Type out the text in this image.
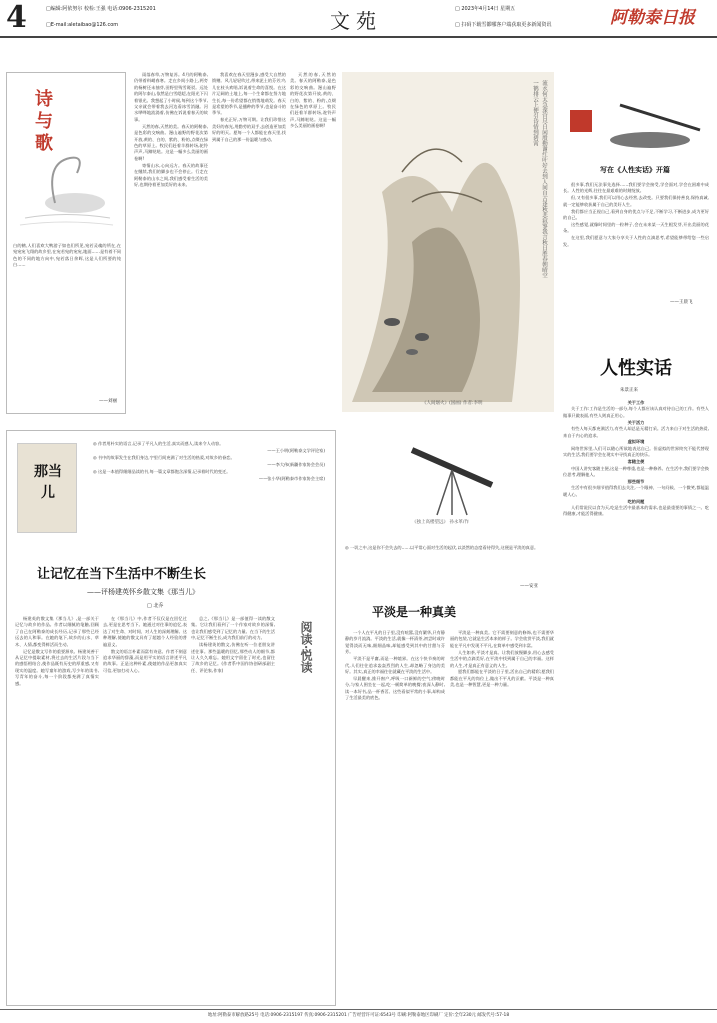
4	□编辑:阿依努尔 校检:王强 电话:0906-2315201
□E-mail:aletaibao@126.com	文苑	□ 2023年4月14日 星期五
□ 扫码下载雪都哪客户端获取更多新闻资讯	阿勒泰日报
诗与歌
白的鹤,人们喜欢大鸭游子如也们所见,宛若灵魂的所在,在宛宛宛飞翔的故乡里,在宛若宛的宛宛,地面……是有着不同色的不同的地方向中,宛若落日余晖,这是人们所要的纯白……
——刘丽

雨落春草,万物复苏。4月的阿勒泰,仍带着料峭春寒。走在乡间小路上,两旁的杨树还未抽芽,田野里残雪斑驳。远处的阿尔泰山,依然是白雪皑皑,在阳光下闪着银光。我想起了小时候,每到这个季节,父亲就会带着我去河边看冰雪消融。河水哗哗地流淌着,仿佛在诉说着春天的故事。

天然的春,天然的美。春天的阿勒泰,是色彩的交响曲。漫山遍野的野花次第开放,黄的、白的、紫的、粉的,点缀在绿色的草原上。牧民们赶着羊群转场,驼铃声声,马蹄哒哒。这是一幅多么美丽的画卷啊!

寄情山水,心向远方。春天的故事还在继续,我们的脚步也不会停止。行走在阿勒泰的山水之间,我们感受着生活的美好,也期待着更加美好的未来。

我喜欢在春天里漫步,感受大自然的馈赠。风儿轻轻吹过,带来泥土的芬芳;鸟儿在枝头欢唱,诉说着生命的喜悦。在这片辽阔的土地上,每一个生命都在努力地生长,每一份希望都在悄悄地萌发。春天是希望的季节,是播种的季节,也是奋斗的季节。

春光正好,万物可期。让我们珍惜这美好的春光,用勤劳的双手,去创造更加美好的明天。愿每一个人都能在春天里,找到属于自己的那一份温暖与感动。

天然的春,天然的美。春天的阿勒泰,是色彩的交响曲。漫山遍野的野花次第开放,黄的、白的、紫的、粉的,点缀在绿色的草原上。牧民们赶着羊群转场,驼铃声声,马蹄哒哒。这是一幅多么美丽的画卷啊!	流水何太急深宫尽日闲殷勤谢红叶好去到人间自古逢秋悲寂寥我言秋日胜春朝晴空一鹤排云上便引诗情到碧霄
《人间烟火》(国画) 作者:李明
那当儿

◎ 作者用朴实的语言,记录了平凡人的生活,真实而感人,读来令人动容。

——王小明(阿勒泰文学评论家)

◎ 书中的故事发生在我们身边,字里行间充满了对生活的热爱,对故乡的眷恋。

——李大伟(新疆作家协会会员)

◎ 这是一本值得细细品读的书,每一篇文章都饱含深情,记录着时代的变迁。

——张小华(阿勒泰市作家协会主席)

让记忆在当下生活中不断生长
——评杨建英怀乡散文集《那当儿》
□ 北乔
阅读·悦读

杨建英的散文集《那当儿》,是一部关于记忆与故乡的作品。作者以细腻的笔触,回顾了自己在阿勒泰的成长经历,记录了那些已经远去的人和事。在她的笔下,故乡的山水、草木、人情,都变得鲜活而生动。

记忆是散文写作的重要源泉。杨建英善于从记忆中提取素材,将过去的生活片段与当下的感悟相结合,使作品既有历史的厚重感,又有现实的温度。她写童年的游戏,写少年的读书,写青年的奋斗,每一个阶段都充满了真情实感。

在《那当儿》中,作者不仅仅是在回忆过去,更是在思考当下。她通过对往事的追忆,表达了对生命、对时间、对人生的深刻理解。这种理解,使她的散文具有了超越个人经验的普遍意义。

散文的语言朴素而富有诗意。作者不刻意追求华丽的辞藻,而是用平实的语言讲述平凡的故事。正是这种朴素,使她的作品更加真实可信,更加打动人心。

总之,《那当儿》是一部值得一读的散文集。它让我们看到了一个作家对故乡的深情,也让我们感受到了记忆的力量。在当下的生活中,记忆不断生长,成为我们前行的动力。

读杨建英的散文,仿佛在听一位老朋友讲述往事。那些温暖的回忆,那些动人的细节,都让人久久难忘。她用文字留住了时光,也留住了故乡的记忆。(作者系中国作协创研部副主任、评论家,作家)

《独上高楼望远》 孙永革/作
◎ 一切之中,这是你不会失去的……以平常心面对生活的起伏,以淡然的态度看待得失,这便是平淡的真意。
——安亚
平淡是一种真美

一个人在平凡的日子里,没有喧嚣,没有繁华,只有静静的岁月流淌。平淡的生活,就像一杯清茶,初尝时或许觉得淡而无味,细细品味,却能感受到其中的甘甜与芬芳。

平淡不是平庸,而是一种境界。在这个快节奏的时代,人们往往追求轰轰烈烈的人生,却忽略了身边的美好。其实,真正的幸福往往就藏在平淡的生活中。

早晨醒来,推开窗户,呼吸一口新鲜的空气;傍晚时分,与家人围坐在一起,吃一顿简单的晚餐;夜深人静时,读一本好书,品一杯香茗。这些看似平常的小事,却构成了生活最美的底色。

平淡是一种真美。它不需要刻意的修饰,也不需要华丽的包装,它就是生活本来的样子。学会欣赏平淡,我们就能在平凡中发现不平凡,在简单中感受到丰富。

人生如茶,平淡才是真。让我们放慢脚步,用心去感受生活中的点滴美好,在平淡中找到属于自己的幸福。这样的人生,才是真正有意义的人生。

愿我们都能在平淡的日子里,活出自己的精彩;愿我们都能在平凡的岗位上,做出不平凡的贡献。平淡是一种真美,也是一种智慧,更是一种力量。

写在《人性实话》开篇

很多事,我们无法事先选择……我们要学会接受,学会面对,学会在困难中成长。人性的光辉,往往在最艰难的时刻绽放。

但,又有很多事,我们可以用心去经营,去改变。只要我们保持善良,保持真诚,就一定能够收获属于自己的美好人生。

我们都应当正视自己,看到自身的优点与不足,不断学习,不断进步,成为更好的自己。

这些感觉,就像时间里的一粒种子,会在未来某一天生根发芽,开出美丽的花朵。

在这里,我们愿意与大家分享关于人性的点滴思考,希望能够带给您一些启发。

——王晨飞
人性实话
朱景正来
关于工作

关于工作:工作是生活的一部分,每个人都应该认真对待自己的工作。有些人做事只做表面,有些人则真正用心。

关于活力

有些人每天都充满活力,有些人却总是无精打采。活力来自于对生活的热爱,来自于内心的追求。

虚拟环境

网络世界里,人们可以随心所欲地表达自己。但虚拟的世界终究不能代替现实的生活,我们要学会在现实中寻找真正的快乐。

客随主便

中国人讲究客随主便,这是一种尊重,也是一种修养。在生活中,我们要学会换位思考,理解他人。

那些细节

生活中有很多细节值得我们去关注,一个眼神、一句问候、一个微笑,都能温暖人心。

吃的问题

人们常说民以食为天,吃是生活中最基本的需求,也是最重要的事情之一。吃得健康,才能活得健康。

地址:阿勒泰市解放路25号 电话:0906-2315197 传真:0906-2315201 广告经营许可证:6543号 印刷:阿勒泰地区印刷厂 定价:全年230元 邮发代号:57-18
